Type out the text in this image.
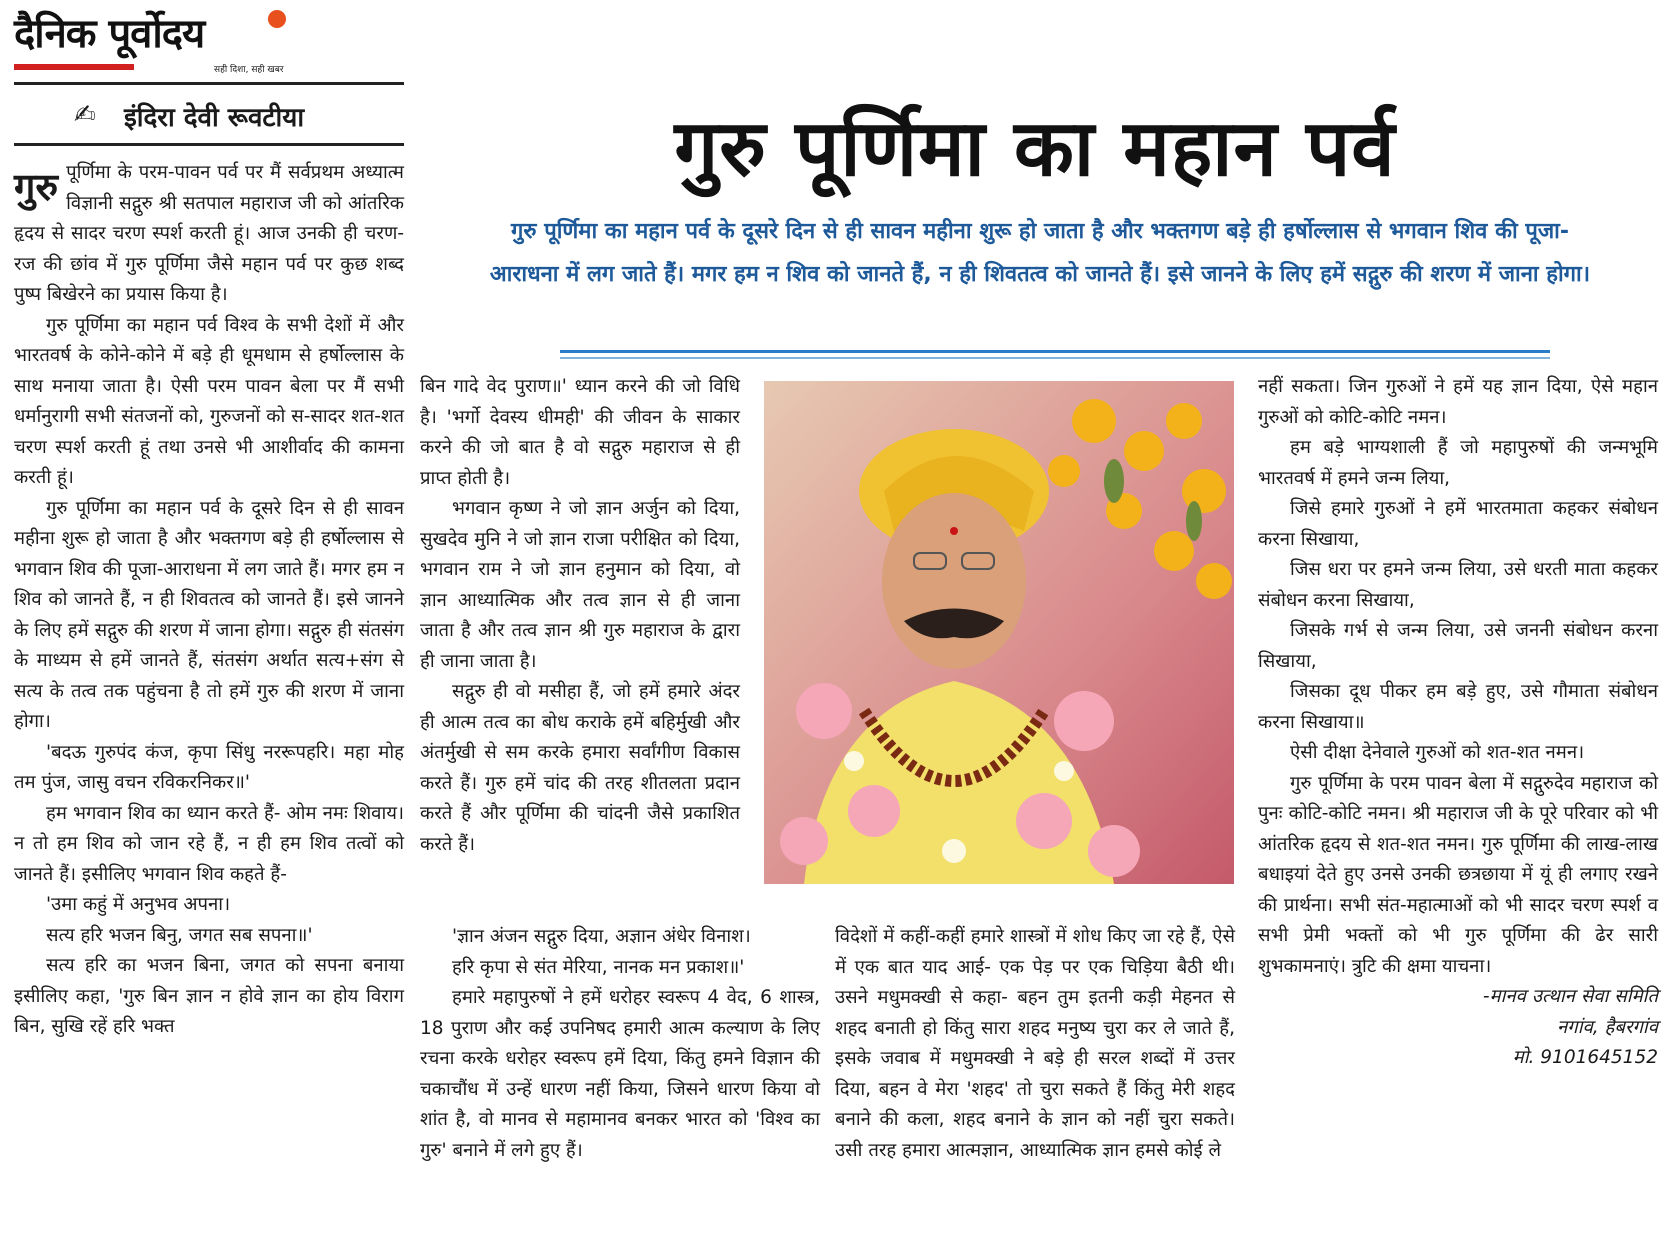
दैनिक पूर्वोदय
सही दिशा, सही खबर
✍ इंदिरा देवी रूवटीया	गुरु पूर्णिमा का महान पर्व
गुरु पूर्णिमा का महान पर्व के दूसरे दिन से ही सावन महीना शुरू हो जाता है और भक्तगण बड़े ही हर्षोल्लास से भगवान शिव की पूजा-आराधना में लग जाते हैं। मगर हम न शिव को जानते हैं, न ही शिवतत्व को जानते हैं। इसे जानने के लिए हमें सद्गुरु की शरण में जाना होगा।

गुरु पूर्णिमा के परम-पावन पर्व पर मैं सर्वप्रथम अध्यात्म विज्ञानी सद्गुरु श्री सतपाल महाराज जी को आंतरिक हृदय से सादर चरण स्पर्श करती हूं। आज उनकी ही चरण-रज की छांव में गुरु पूर्णिमा जैसे महान पर्व पर कुछ शब्द पुष्प बिखेरने का प्रयास किया है।

गुरु पूर्णिमा का महान पर्व विश्व के सभी देशों में और भारतवर्ष के कोने-कोने में बड़े ही धूमधाम से हर्षोल्लास के साथ मनाया जाता है। ऐसी परम पावन बेला पर मैं सभी धर्मानुरागी सभी संतजनों को, गुरुजनों को स-सादर शत-शत चरण स्पर्श करती हूं तथा उनसे भी आशीर्वाद की कामना करती हूं।

गुरु पूर्णिमा का महान पर्व के दूसरे दिन से ही सावन महीना शुरू हो जाता है और भक्तगण बड़े ही हर्षोल्लास से भगवान शिव की पूजा-आराधना में लग जाते हैं। मगर हम न शिव को जानते हैं, न ही शिवतत्व को जानते हैं। इसे जानने के लिए हमें सद्गुरु की शरण में जाना होगा। सद्गुरु ही संतसंग के माध्यम से हमें जानते हैं, संतसंग अर्थात सत्य+संग से सत्य के तत्व तक पहुंचना है तो हमें गुरु की शरण में जाना होगा।

'बदऊ गुरुपंद कंज, कृपा सिंधु नररूपहरि। महा मोह तम पुंज, जासु वचन रविकरनिकर॥'

हम भगवान शिव का ध्यान करते हैं- ओम नमः शिवाय। न तो हम शिव को जान रहे हैं, न ही हम शिव तत्वों को जानते हैं। इसीलिए भगवान शिव कहते हैं-

'उमा कहुं में अनुभव अपना।

सत्य हरि भजन बिनु, जगत सब सपना॥'

सत्य हरि का भजन बिना, जगत को सपना बनाया इसीलिए कहा, 'गुरु बिन ज्ञान न होवे ज्ञान का होय विराग बिन, सुखि रहें हरि भक्त

बिन गादे वेद पुराण॥' ध्यान करने की जो विधि है। 'भर्गो देवस्य धीमही' की जीवन के साकार करने की जो बात है वो सद्गुरु महाराज से ही प्राप्त होती है।

भगवान कृष्ण ने जो ज्ञान अर्जुन को दिया, सुखदेव मुनि ने जो ज्ञान राजा परीक्षित को दिया, भगवान राम ने जो ज्ञान हनुमान को दिया, वो ज्ञान आध्यात्मिक और तत्व ज्ञान से ही जाना जाता है और तत्व ज्ञान श्री गुरु महाराज के द्वारा ही जाना जाता है।

सद्गुरु ही वो मसीहा हैं, जो हमें हमारे अंदर ही आत्म तत्व का बोध कराके हमें बहिर्मुखी और अंतर्मुखी से सम करके हमारा सर्वांगीण विकास करते हैं। गुरु हमें चांद की तरह शीतलता प्रदान करते हैं और पूर्णिमा की चांदनी जैसे प्रकाशित करते हैं।

'ज्ञान अंजन सद्गुरु दिया, अज्ञान अंधेर विनाश।

हरि कृपा से संत मेरिया, नानक मन प्रकाश॥'

हमारे महापुरुषों ने हमें धरोहर स्वरूप 4 वेद, 6 शास्त्र, 18 पुराण और कई उपनिषद हमारी आत्म कल्याण के लिए रचना करके धरोहर स्वरूप हमें दिया, किंतु हमने विज्ञान की चकाचौंध में उन्हें धारण नहीं किया, जिसने धारण किया वो शांत है, वो मानव से महामानव बनकर भारत को 'विश्व का गुरु' बनाने में लगे हुए हैं।

विदेशों में कहीं-कहीं हमारे शास्त्रों में शोध किए जा रहे हैं, ऐसे में एक बात याद आई- एक पेड़ पर एक चिड़िया बैठी थी। उसने मधुमक्खी से कहा- बहन तुम इतनी कड़ी मेहनत से शहद बनाती हो किंतु सारा शहद मनुष्य चुरा कर ले जाते हैं, इसके जवाब में मधुमक्खी ने बड़े ही सरल शब्दों में उत्तर दिया, बहन वे मेरा 'शहद' तो चुरा सकते हैं किंतु मेरी शहद बनाने की कला, शहद बनाने के ज्ञान को नहीं चुरा सकते। उसी तरह हमारा आत्मज्ञान, आध्यात्मिक ज्ञान हमसे कोई ले

नहीं सकता। जिन गुरुओं ने हमें यह ज्ञान दिया, ऐसे महान गुरुओं को कोटि-कोटि नमन।

हम बड़े भाग्यशाली हैं जो महापुरुषों की जन्मभूमि भारतवर्ष में हमने जन्म लिया,

जिसे हमारे गुरुओं ने हमें भारतमाता कहकर संबोधन करना सिखाया,

जिस धरा पर हमने जन्म लिया, उसे धरती माता कहकर संबोधन करना सिखाया,

जिसके गर्भ से जन्म लिया, उसे जननी संबोधन करना सिखाया,

जिसका दूध पीकर हम बड़े हुए, उसे गौमाता संबोधन करना सिखाया॥

ऐसी दीक्षा देनेवाले गुरुओं को शत-शत नमन।

गुरु पूर्णिमा के परम पावन बेला में सद्गुरुदेव महाराज को पुनः कोटि-कोटि नमन। श्री महाराज जी के पूरे परिवार को भी आंतरिक हृदय से शत-शत नमन। गुरु पूर्णिमा की लाख-लाख बधाइयां देते हुए उनसे उनकी छत्रछाया में यूं ही लगाए रखने की प्रार्थना। सभी संत-महात्माओं को भी सादर चरण स्पर्श व सभी प्रेमी भक्तों को भी गुरु पूर्णिमा की ढेर सारी शुभकामनाएं। त्रुटि की क्षमा याचना।

-मानव उत्थान सेवा समिति
नगांव, हैबरगांव
मो. 9101645152
